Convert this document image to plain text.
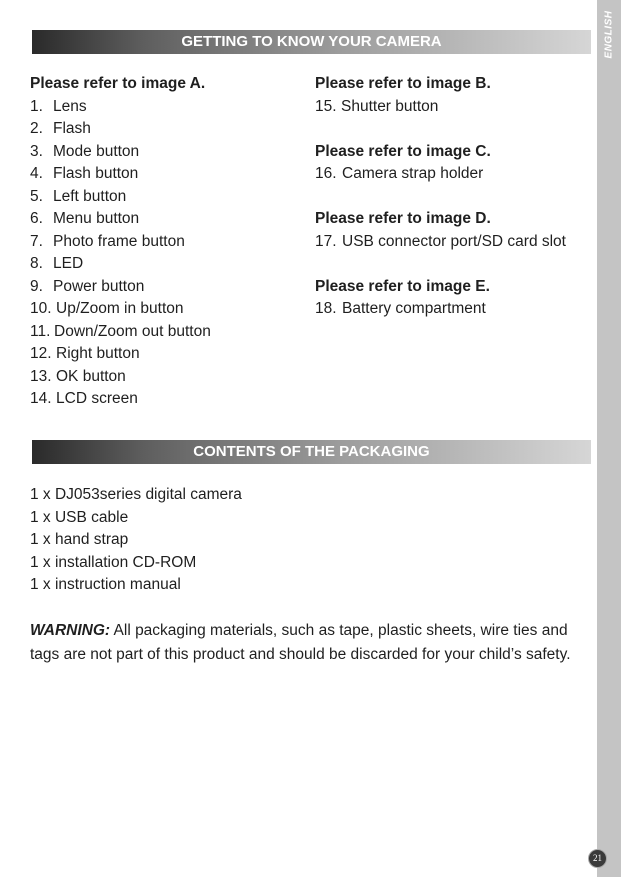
ENGLISH
21
GETTING TO KNOW YOUR CAMERA
Please refer to image A.
1. Lens
2. Flash
3. Mode button
4. Flash button
5. Left button
6. Menu button
7. Photo frame button
8. LED
9. Power button
10. Up/Zoom in button
11. Down/Zoom out button
12. Right button
13. OK button
14. LCD screen
Please refer to image B.
15. Shutter button
Please refer to image C.
16. Camera strap holder
Please refer to image D.
17. USB connector port/SD card slot
Please refer to image E.
18. Battery compartment
CONTENTS OF THE PACKAGING
1 x DJ053series digital camera
1 x USB cable
1 x hand strap
1 x installation CD-ROM
1 x instruction manual
WARNING: All packaging materials, such as tape, plastic sheets, wire ties and tags are not part of this product and should be discarded for your child’s safety.
